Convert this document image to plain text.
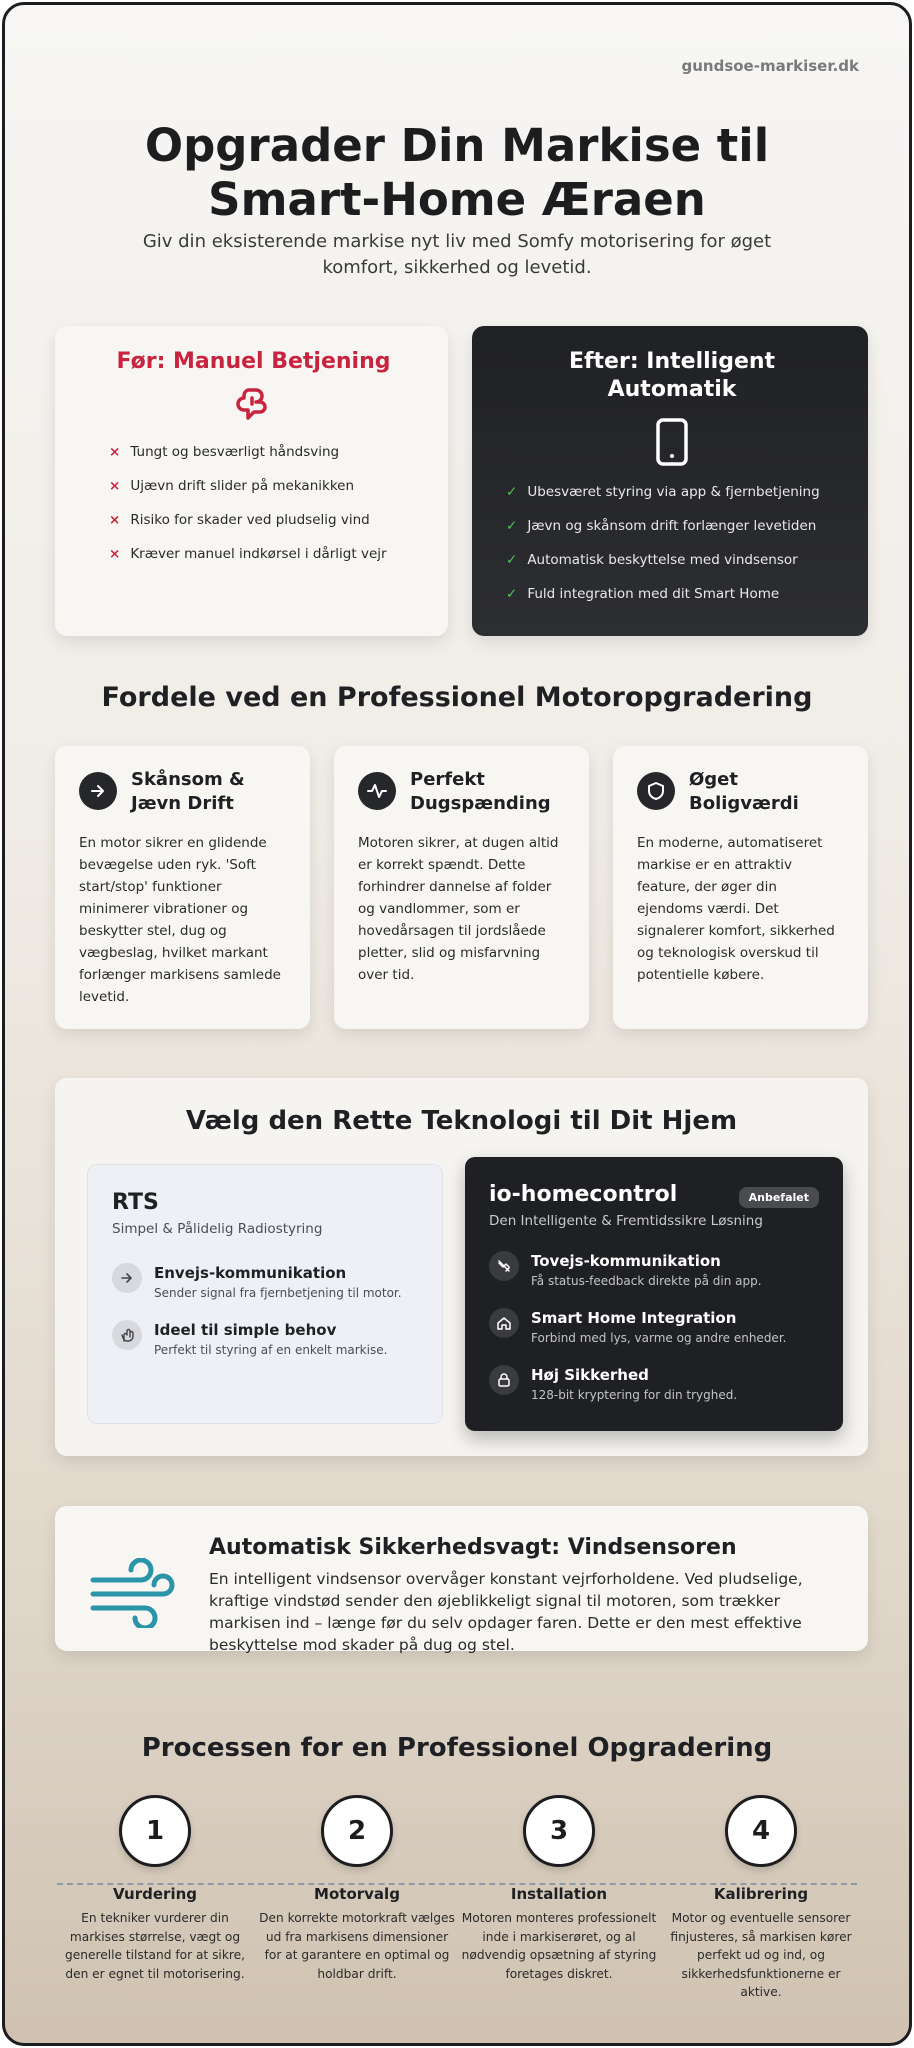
gundsoe-markiser.dk
Opgrader Din Markise til Smart-Home Æraen

Giv din eksisterende markise nyt liv med Somfy motorisering for øget komfort, sikkerhed og levetid.

Før: Manuel Betjening
× Tungt og besværligt håndsving
× Ujævn drift slider på mekanikken
× Risiko for skader ved pludselig vind
× Kræver manuel indkørsel i dårligt vejr
Efter: Intelligent Automatik
✓ Ubesværet styring via app & fjernbetjening
✓ Jævn og skånsom drift forlænger levetiden
✓ Automatisk beskyttelse med vindsensor
✓ Fuld integration med dit Smart Home
Fordele ved en Professionel Motoropgradering
Skånsom & Jævn Drift
En motor sikrer en glidende bevægelse uden ryk. 'Soft start/stop' funktioner minimerer vibrationer og beskytter stel, dug og vægbeslag, hvilket markant forlænger markisens samlede levetid.
Perfekt Dugspænding
Motoren sikrer, at dugen altid er korrekt spændt. Dette forhindrer dannelse af folder og vandlommer, som er hovedårsagen til jordslåede pletter, slid og misfarvning over tid.
Øget Boligværdi
En moderne, automatiseret markise er en attraktiv feature, der øger din ejendoms værdi. Det signalerer komfort, sikkerhed og teknologisk overskud til potentielle købere.
Vælg den Rette Teknologi til Dit Hjem
RTS
Simpel & Pålidelig Radiostyring
Envejs-kommunikation
Sender signal fra fjernbetjening til motor.
Ideel til simple behov
Perfekt til styring af en enkelt markise.
io-homecontrol	Anbefalet
Den Intelligente & Fremtidssikre Løsning
Tovejs-kommunikation
Få status-feedback direkte på din app.
Smart Home Integration
Forbind med lys, varme og andre enheder.
Høj Sikkerhed
128-bit kryptering for din tryghed.
Automatisk Sikkerhedsvagt: Vindsensoren
En intelligent vindsensor overvåger konstant vejrforholdene. Ved pludselige, kraftige vindstød sender den øjeblikkeligt signal til motoren, som trækker markisen ind – længe før du selv opdager faren. Dette er den mest effektive beskyttelse mod skader på dug og stel.
Processen for en Professionel Opgradering
1
Vurdering
En tekniker vurderer din markises størrelse, vægt og generelle tilstand for at sikre, den er egnet til motorisering.
2
Motorvalg
Den korrekte motorkraft vælges ud fra markisens dimensioner for at garantere en optimal og holdbar drift.
3
Installation
Motoren monteres professionelt inde i markiserøret, og al nødvendig opsætning af styring foretages diskret.
4
Kalibrering
Motor og eventuelle sensorer finjusteres, så markisen kører perfekt ud og ind, og sikkerhedsfunktionerne er aktive.
